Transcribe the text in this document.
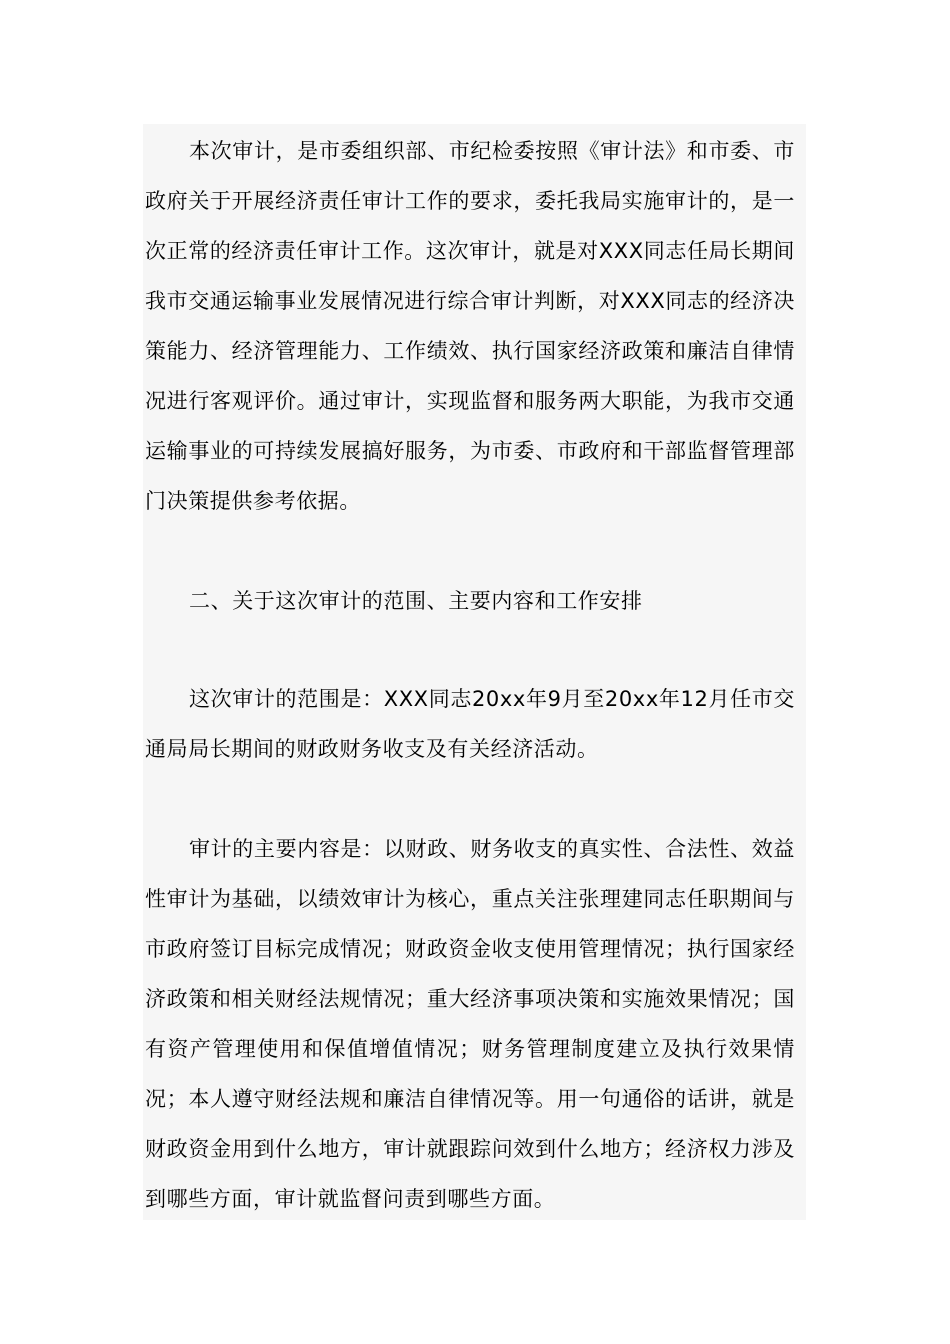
本次审计，是市委组织部、市纪检委按照《审计法》和市委、市政府关于开展经济责任审计工作的要求，委托我局实施审计的，是一次正常的经济责任审计工作。这次审计，就是对XXX同志任局长期间我市交通运输事业发展情况进行综合审计判断，对XXX同志的经济决策能力、经济管理能力、工作绩效、执行国家经济政策和廉洁自律情况进行客观评价。通过审计，实现监督和服务两大职能，为我市交通运输事业的可持续发展搞好服务，为市委、市政府和干部监督管理部门决策提供参考依据。

二、关于这次审计的范围、主要内容和工作安排

这次审计的范围是：XXX同志20xx年9月至20xx年12月任市交通局局长期间的财政财务收支及有关经济活动。

审计的主要内容是：以财政、财务收支的真实性、合法性、效益性审计为基础，以绩效审计为核心，重点关注张理建同志任职期间与市政府签订目标完成情况；财政资金收支使用管理情况；执行国家经济政策和相关财经法规情况；重大经济事项决策和实施效果情况；国有资产管理使用和保值增值情况；财务管理制度建立及执行效果情况；本人遵守财经法规和廉洁自律情况等。用一句通俗的话讲，就是财政资金用到什么地方，审计就跟踪问效到什么地方；经济权力涉及到哪些方面，审计就监督问责到哪些方面。
